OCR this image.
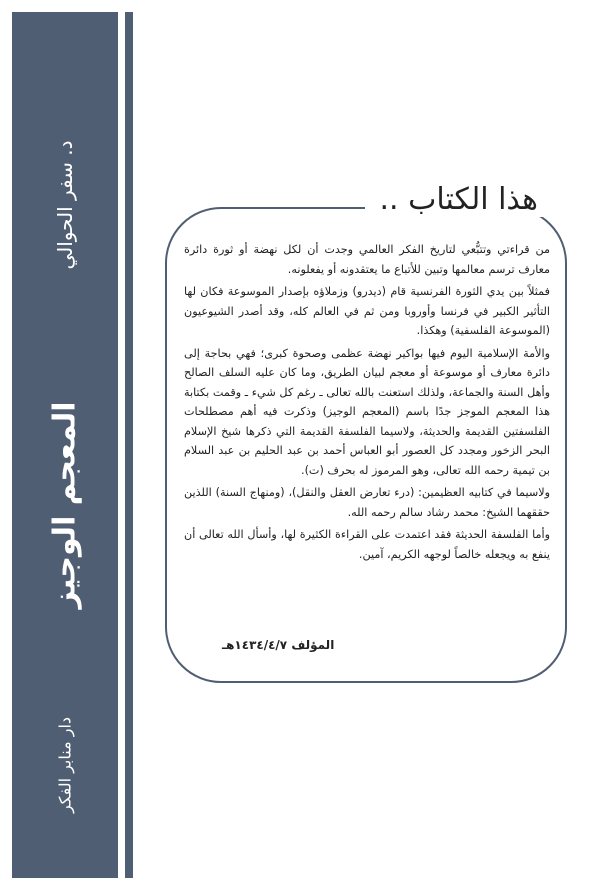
د. سفر الحوالي
المعجم الوجيز
دار منابر الفكر
هذا الكتاب ..

من قراءتي وتتبُّعي لتاريخ الفكر العالمي وجدت أن لكل نهضة أو ثورة دائرة معارف ترسم معالمها وتبين للأتباع ما يعتقدونه أو يفعلونه.

فمثلاً بين يدي الثورة الفرنسية قام (ديدرو) وزملاؤه بإصدار الموسوعة فكان لها التأثير الكبير في فرنسا وأوروبا ومن ثم في العالم كله، وقد أصدر الشيوعيون (الموسوعة الفلسفية) وهكذا.

والأمة الإسلامية اليوم فيها بواكير نهضة عظمى وصحوة كبرى؛ فهي بحاجة إلى دائرة معارف أو موسوعة أو معجم لبيان الطريق، وما كان عليه السلف الصالح وأهل السنة والجماعة، ولذلك استعنت بالله تعالى ـ رغم كل شيء ـ وقمت بكتابة هذا المعجم الموجز جدًا باسم (المعجم الوجيز) وذكرت فيه أهم مصطلحات الفلسفتين القديمة والحديثة، ولاسيما الفلسفة القديمة التي ذكرها شيخ الإسلام البحر الزخور ومجدد كل العصور أبو العباس أحمد بن عبد الحليم بن عبد السلام بن تيمية رحمه الله تعالى، وهو المرموز له بحرف (ت).

ولاسيما في كتابيه العظيمين: (درء تعارض العقل والنقل)، (ومنهاج السنة) اللذين حققهما الشيخ: محمد رشاد سالم رحمه الله.

وأما الفلسفة الحديثة فقد اعتمدت على القراءة الكثيرة لها، وأسأل الله تعالى أن ينفع به ويجعله خالصاً لوجهه الكريم، آمين.

المؤلف ١٤٣٤/٤/٧هـ
